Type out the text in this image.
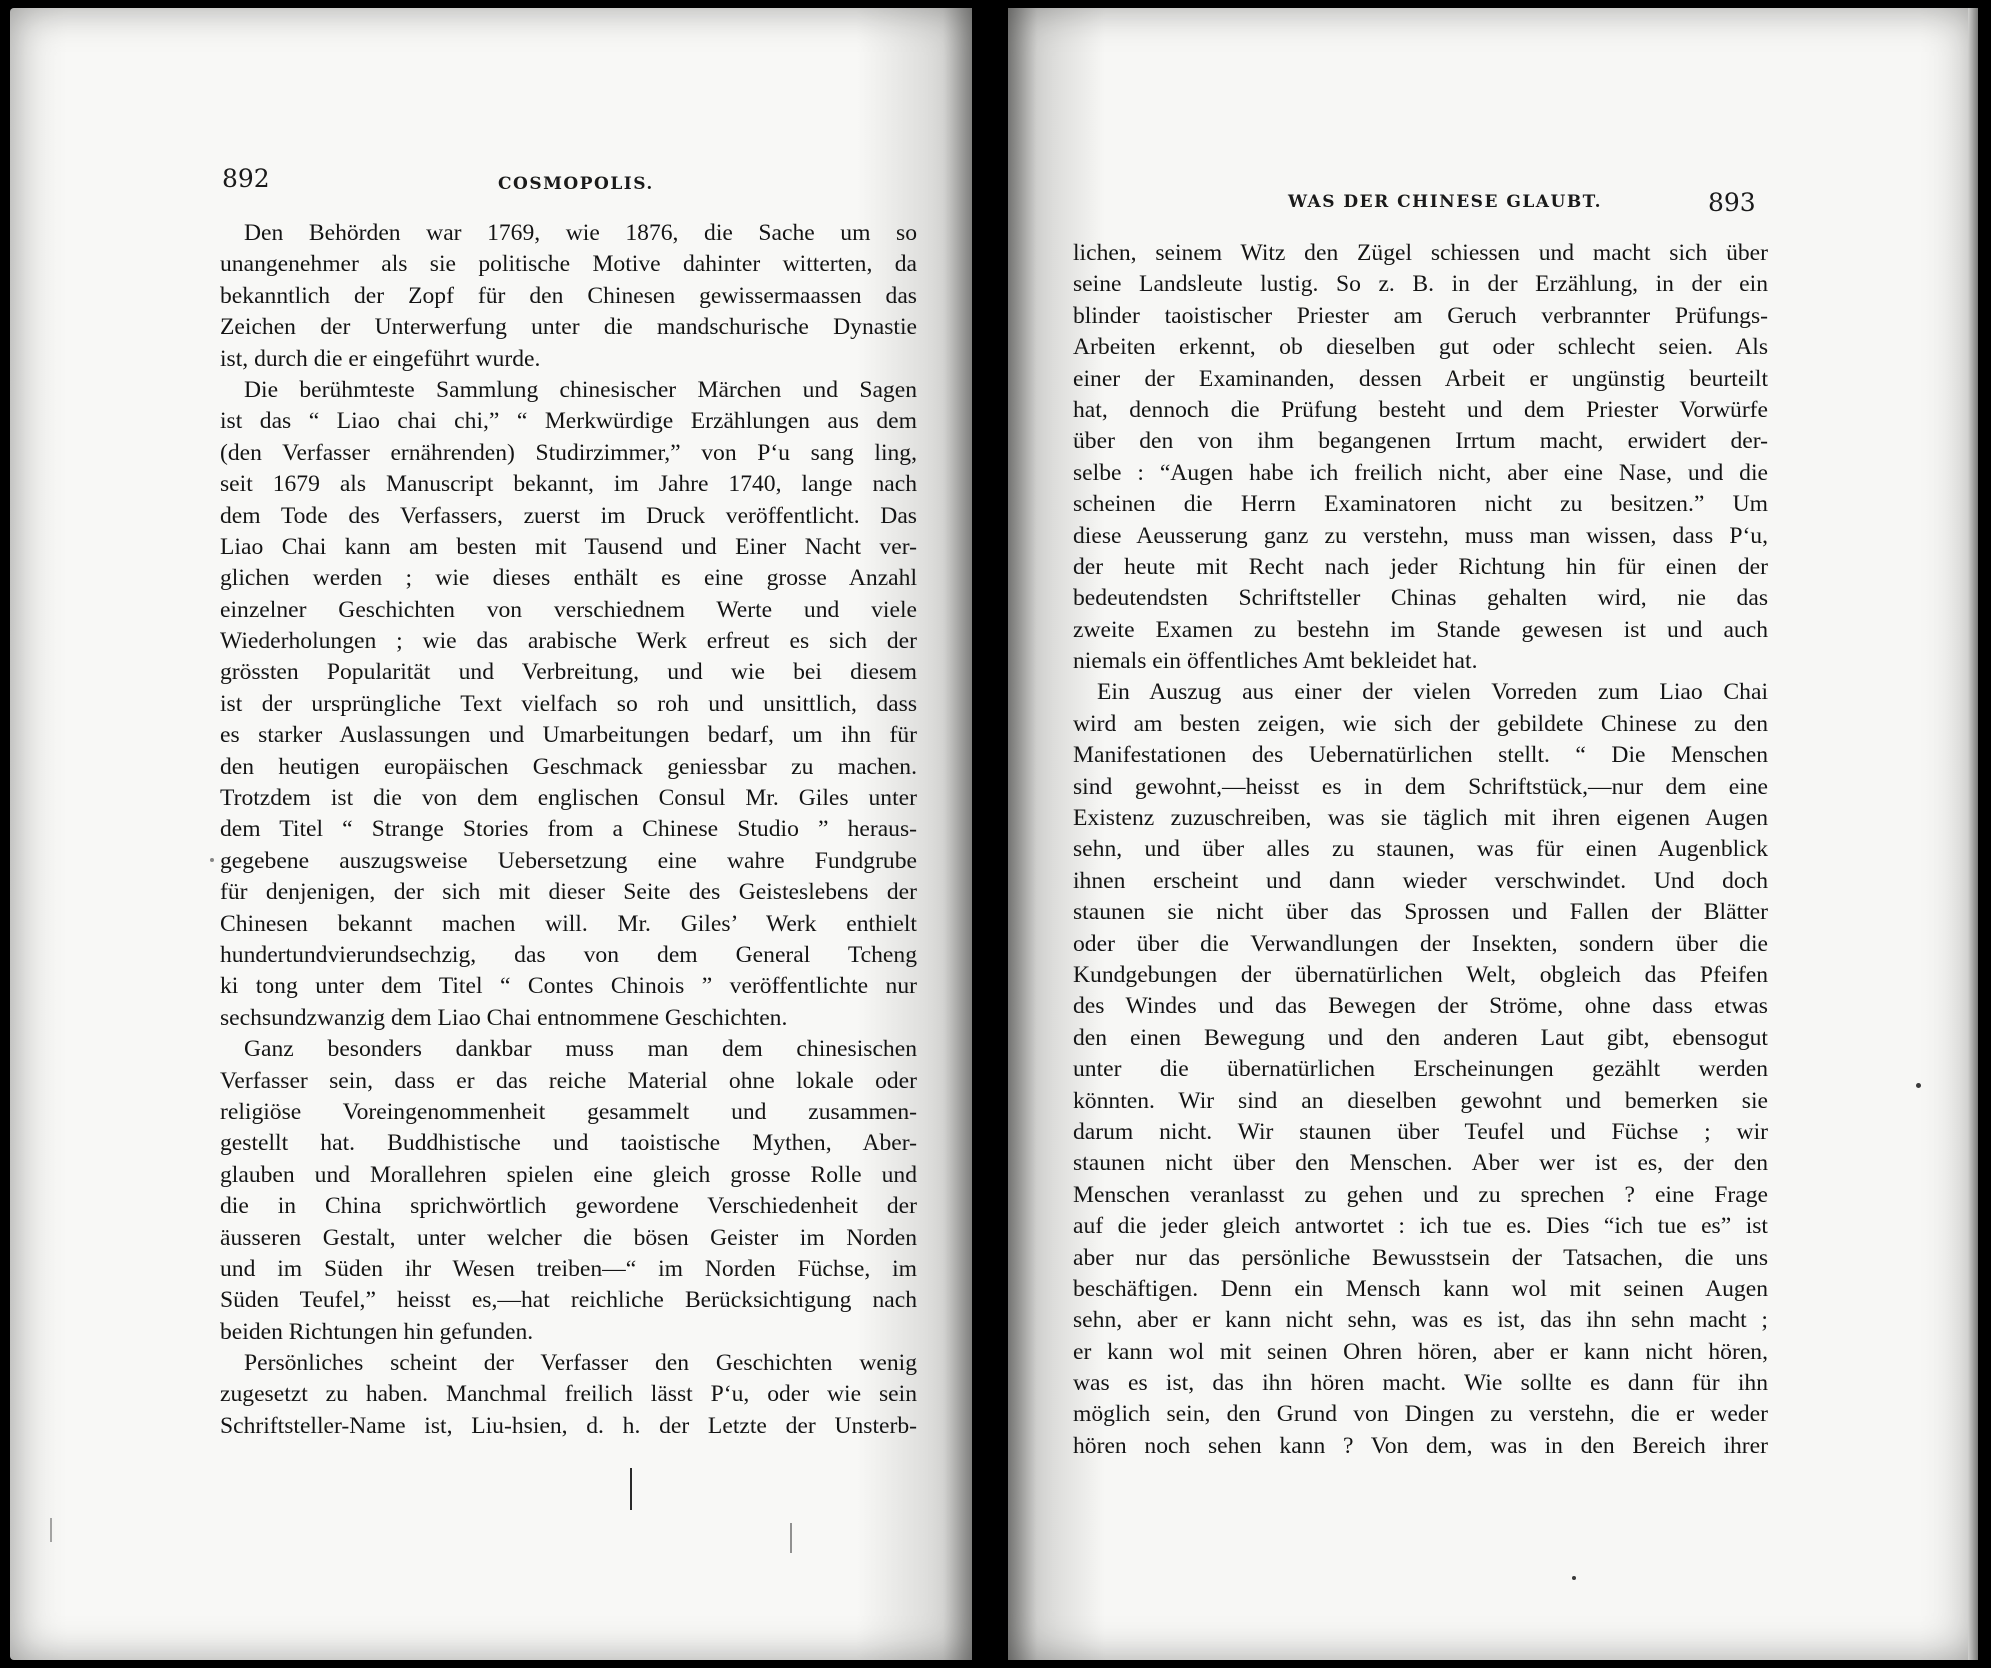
892	COSMOPOLIS.
Den Behörden war 1769, wie 1876, die Sache um so
unangenehmer als sie politische Motive dahinter witterten, da
bekanntlich der Zopf für den Chinesen gewissermaassen das
Zeichen der Unterwerfung unter die mandschurische Dynastie
ist, durch die er eingeführt wurde.
Die berühmteste Sammlung chinesischer Märchen und Sagen
ist das “ Liao chai chi,” “ Merkwürdige Erzählungen aus dem
(den Verfasser ernährenden) Studirzimmer,” von P‘u sang ling,
seit 1679 als Manuscript bekannt, im Jahre 1740, lange nach
dem Tode des Verfassers, zuerst im Druck veröffentlicht. Das
Liao Chai kann am besten mit Tausend und Einer Nacht ver-
glichen werden ; wie dieses enthält es eine grosse Anzahl
einzelner Geschichten von verschiednem Werte und viele
Wiederholungen ; wie das arabische Werk erfreut es sich der
grössten Popularität und Verbreitung, und wie bei diesem
ist der ursprüngliche Text vielfach so roh und unsittlich, dass
es starker Auslassungen und Umarbeitungen bedarf, um ihn für
den heutigen europäischen Geschmack geniessbar zu machen.
Trotzdem ist die von dem englischen Consul Mr. Giles unter
dem Titel “ Strange Stories from a Chinese Studio ” heraus-
gegebene auszugsweise Uebersetzung eine wahre Fundgrube
für denjenigen, der sich mit dieser Seite des Geisteslebens der
Chinesen bekannt machen will. Mr. Giles’ Werk enthielt
hundertundvierundsechzig, das von dem General Tcheng
ki tong unter dem Titel “ Contes Chinois ” veröffentlichte nur
sechsundzwanzig dem Liao Chai entnommene Geschichten.
Ganz besonders dankbar muss man dem chinesischen
Verfasser sein, dass er das reiche Material ohne lokale oder
religiöse Voreingenommenheit gesammelt und zusammen-
gestellt hat. Buddhistische und taoistische Mythen, Aber-
glauben und Morallehren spielen eine gleich grosse Rolle und
die in China sprichwörtlich gewordene Verschiedenheit der
äusseren Gestalt, unter welcher die bösen Geister im Norden
und im Süden ihr Wesen treiben—“ im Norden Füchse, im
Süden Teufel,” heisst es,—hat reichliche Berücksichtigung nach
beiden Richtungen hin gefunden.
Persönliches scheint der Verfasser den Geschichten wenig
zugesetzt zu haben. Manchmal freilich lässt P‘u, oder wie sein
Schriftsteller-Name ist, Liu-hsien, d. h. der Letzte der Unsterb-
WAS DER CHINESE GLAUBT.	893
lichen, seinem Witz den Zügel schiessen und macht sich über
seine Landsleute lustig. So z. B. in der Erzählung, in der ein
blinder taoistischer Priester am Geruch verbrannter Prüfungs-
Arbeiten erkennt, ob dieselben gut oder schlecht seien. Als
einer der Examinanden, dessen Arbeit er ungünstig beurteilt
hat, dennoch die Prüfung besteht und dem Priester Vorwürfe
über den von ihm begangenen Irrtum macht, erwidert der-
selbe : “Augen habe ich freilich nicht, aber eine Nase, und die
scheinen die Herrn Examinatoren nicht zu besitzen.” Um
diese Aeusserung ganz zu verstehn, muss man wissen, dass P‘u,
der heute mit Recht nach jeder Richtung hin für einen der
bedeutendsten Schriftsteller Chinas gehalten wird, nie das
zweite Examen zu bestehn im Stande gewesen ist und auch
niemals ein öffentliches Amt bekleidet hat.
Ein Auszug aus einer der vielen Vorreden zum Liao Chai
wird am besten zeigen, wie sich der gebildete Chinese zu den
Manifestationen des Uebernatürlichen stellt. “ Die Menschen
sind gewohnt,—heisst es in dem Schriftstück,—nur dem eine
Existenz zuzuschreiben, was sie täglich mit ihren eigenen Augen
sehn, und über alles zu staunen, was für einen Augenblick
ihnen erscheint und dann wieder verschwindet. Und doch
staunen sie nicht über das Sprossen und Fallen der Blätter
oder über die Verwandlungen der Insekten, sondern über die
Kundgebungen der übernatürlichen Welt, obgleich das Pfeifen
des Windes und das Bewegen der Ströme, ohne dass etwas
den einen Bewegung und den anderen Laut gibt, ebensogut
unter die übernatürlichen Erscheinungen gezählt werden
könnten. Wir sind an dieselben gewohnt und bemerken sie
darum nicht. Wir staunen über Teufel und Füchse ; wir
staunen nicht über den Menschen. Aber wer ist es, der den
Menschen veranlasst zu gehen und zu sprechen ? eine Frage
auf die jeder gleich antwortet : ich tue es. Dies “ich tue es” ist
aber nur das persönliche Bewusstsein der Tatsachen, die uns
beschäftigen. Denn ein Mensch kann wol mit seinen Augen
sehn, aber er kann nicht sehn, was es ist, das ihn sehn macht ;
er kann wol mit seinen Ohren hören, aber er kann nicht hören,
was es ist, das ihn hören macht. Wie sollte es dann für ihn
möglich sein, den Grund von Dingen zu verstehn, die er weder
hören noch sehen kann ? Von dem, was in den Bereich ihrer
